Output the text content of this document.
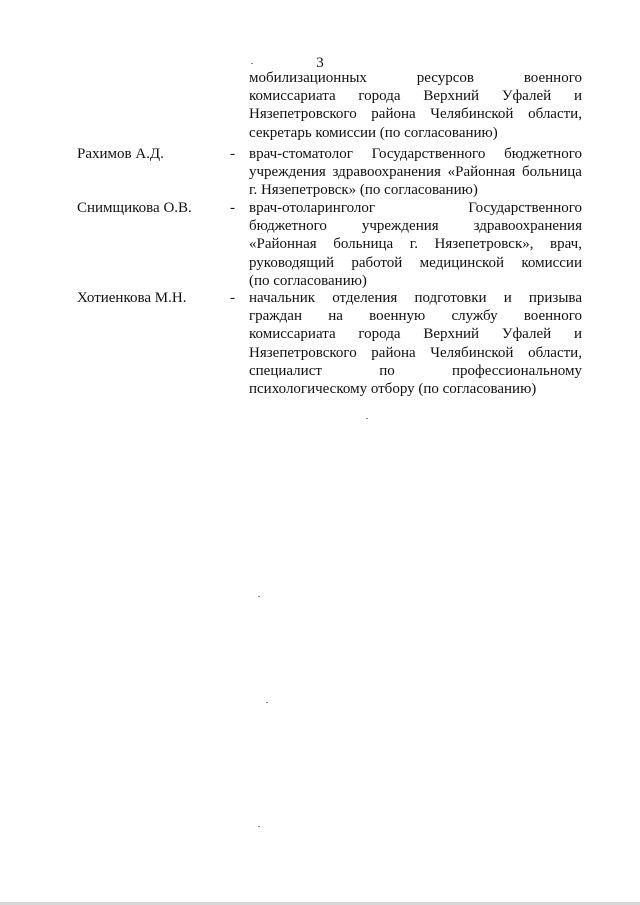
3
мобилизационных	ресурсов	военного
комиссариата города Верхний Уфалей и
Нязепетровского района Челябинской области,
секретарь комиссии (по согласованию)
Рахимов А.Д.	- врач-стоматолог Государственного бюджетного
учреждения здравоохранения «Районная больница
г. Нязепетровск» (по согласованию)
Снимщикова О.В.	- врач-отоларинголог	Государственного
бюджетного учреждения здравоохранения
«Районная больница г. Нязепетровск», врач,
руководящий работой медицинской комиссии
(по согласованию)
Хотиенкова М.Н.	- начальник отделения подготовки и призыва
граждан на военную службу военного
комиссариата города Верхний Уфалей и
Нязепетровского района Челябинской области,
специалист	по	профессиональному
психологическому отбору (по согласованию)
